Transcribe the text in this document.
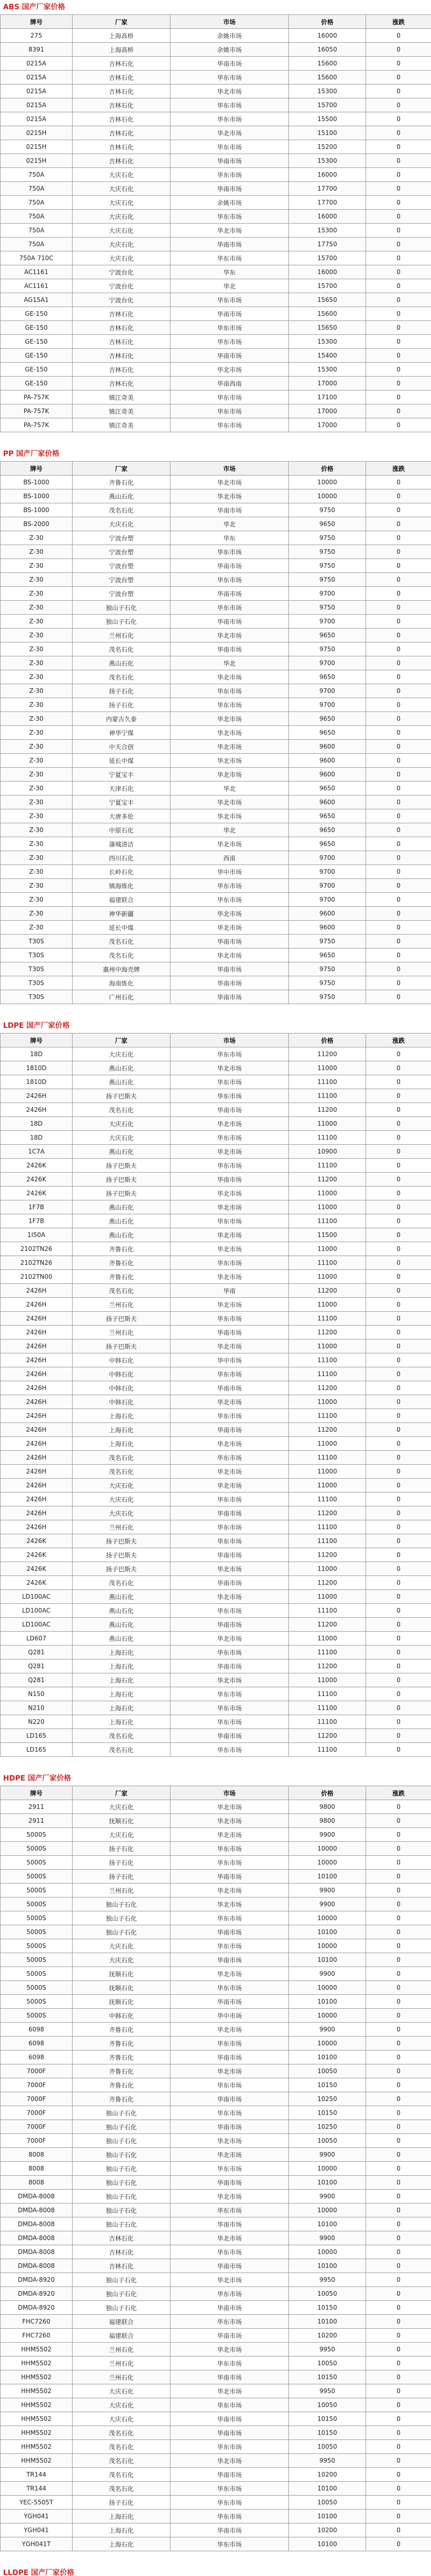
ABS 国产厂家价格
牌号	厂家	市场	价格	涨跌
275	上海高桥	余姚市场	16000	0
8391	上海高桥	余姚市场	16050	0
0215A	吉林石化	华南市场	15600	0
0215A	吉林石化	华东市场	15600	0
0215A	吉林石化	华北市场	15300	0
0215A	吉林石化	华东市场	15700	0
0215A	吉林石化	华东市场	15500	0
0215H	吉林石化	华北市场	15100	0
0215H	吉林石化	华东市场	15200	0
0215H	吉林石化	华南市场	15300	0
750A	大庆石化	华东市场	16000	0
750A	大庆石化	华南市场	17700	0
750A	大庆石化	余姚市场	17700	0
750A	大庆石化	华东市场	16000	0
750A	大庆石化	华北市场	15300	0
750A	大庆石化	华南市场	17750	0
750A 710C	大庆石化	华东市场	15700	0
AC1161	宁波台化	华东	16000	0
AC1161	宁波台化	华北	15700	0
AG15A1	宁波台化	华东市场	15650	0
GE-150	吉林石化	华南市场	15600	0
GE-150	吉林石化	华东市场	15650	0
GE-150	吉林石化	华东市场	15300	0
GE-150	吉林石化	华南市场	15400	0
GE-150	吉林石化	华北市场	15300	0
GE-150	吉林石化	华南西南	17000	0
PA-757K	镇江奇美	华东市场	17100	0
PA-757K	镇江奇美	华东市场	17000	0
PA-757K	镇江奇美	华东市场	17000	0
PP 国产厂家价格
牌号	厂家	市场	价格	涨跌
BS-1000	齐鲁石化	华北市场	10000	0
BS-1000	燕山石化	华北市场	10000	0
BS-1000	茂名石化	华南市场	9750	0
BS-2000	大庆石化	华北	9650	0
Z-30	宁波台塑	华东	9750	0
Z-30	宁波台塑	华东市场	9750	0
Z-30	宁波台塑	华南市场	9750	0
Z-30	宁波台塑	华东市场	9750	0
Z-30	宁波台塑	华南市场	9700	0
Z-30	独山子石化	华东市场	9750	0
Z-30	独山子石化	华南市场	9700	0
Z-30	兰州石化	华北市场	9650	0
Z-30	茂名石化	华南市场	9750	0
Z-30	燕山石化	华北	9700	0
Z-30	茂名石化	华北市场	9650	0
Z-30	扬子石化	华东市场	9700	0
Z-30	扬子石化	华东市场	9700	0
Z-30	内蒙古久泰	华北市场	9650	0
Z-30	神华宁煤	华北市场	9650	0
Z-30	中天合创	华北市场	9600	0
Z-30	延长中煤	华北市场	9600	0
Z-30	宁夏宝丰	华北市场	9600	0
Z-30	天津石化	华北	9650	0
Z-30	宁夏宝丰	华北市场	9600	0
Z-30	大唐多伦	华北市场	9650	0
Z-30	中原石化	华北	9650	0
Z-30	蒲城清洁	华北市场	9650	0
Z-30	四川石化	西南	9700	0
Z-30	长岭石化	华中市场	9700	0
Z-30	镇海炼化	华东市场	9700	0
Z-30	福建联合	华东市场	9700	0
Z-30	神华新疆	华北市场	9600	0
Z-30	延长中煤	华北市场	9600	0
T30S	茂名石化	华南市场	9750	0
T30S	茂名石化	华北市场	9650	0
T30S	惠州中海壳牌	华南市场	9750	0
T30S	海南炼化	华南市场	9750	0
T30S	广州石化	华南市场	9750	0
LDPE 国产厂家价格
牌号	厂家	市场	价格	涨跌
18D	大庆石化	华东市场	11200	0
1810D	燕山石化	华北市场	11000	0
1810D	燕山石化	华东市场	11100	0
2426H	扬子巴斯夫	华东市场	11100	0
2426H	茂名石化	华南市场	11200	0
18D	大庆石化	华北市场	11000	0
18D	大庆石化	华东市场	11100	0
1C7A	燕山石化	华北市场	10900	0
2426K	扬子巴斯夫	华东市场	11100	0
2426K	扬子巴斯夫	华南市场	11200	0
2426K	扬子巴斯夫	华北市场	11000	0
1F7B	燕山石化	华北市场	11000	0
1F7B	燕山石化	华东市场	11100	0
1I50A	燕山石化	华北市场	11500	0
2102TN26	齐鲁石化	华北市场	11000	0
2102TN26	齐鲁石化	华东市场	11100	0
2102TN00	齐鲁石化	华北市场	11000	0
2426H	茂名石化	华南	11200	0
2426H	兰州石化	华北市场	11000	0
2426H	扬子巴斯夫	华东市场	11100	0
2426H	兰州石化	华南市场	11200	0
2426H	扬子巴斯夫	华北市场	11000	0
2426H	中韩石化	华中市场	11100	0
2426H	中韩石化	华东市场	11100	0
2426H	中韩石化	华南市场	11200	0
2426H	中韩石化	华北市场	11000	0
2426H	上海石化	华东市场	11100	0
2426H	上海石化	华南市场	11200	0
2426H	上海石化	华北市场	11000	0
2426H	茂名石化	华东市场	11100	0
2426H	茂名石化	华北市场	11000	0
2426H	大庆石化	华北市场	11000	0
2426H	大庆石化	华东市场	11100	0
2426H	大庆石化	华南市场	11200	0
2426H	兰州石化	华东市场	11100	0
2426K	扬子巴斯夫	华东市场	11100	0
2426K	扬子巴斯夫	华南市场	11200	0
2426K	扬子巴斯夫	华北市场	11000	0
2426K	茂名石化	华南市场	11200	0
LD100AC	燕山石化	华北市场	11000	0
LD100AC	燕山石化	华东市场	11100	0
LD100AC	燕山石化	华南市场	11200	0
LD607	燕山石化	华北市场	11000	0
Q281	上海石化	华东市场	11100	0
Q281	上海石化	华南市场	11200	0
Q281	上海石化	华北市场	11000	0
N150	上海石化	华东市场	11100	0
N210	上海石化	华东市场	11100	0
N220	上海石化	华东市场	11100	0
LD165	茂名石化	华南市场	11200	0
LD165	茂名石化	华东市场	11100	0
HDPE 国产厂家价格
牌号	厂家	市场	价格	涨跌
2911	大庆石化	华北市场	9800	0
2911	抚顺石化	华北市场	9800	0
5000S	大庆石化	华北市场	9900	0
5000S	扬子石化	华东市场	10000	0
5000S	扬子石化	华东市场	10000	0
5000S	扬子石化	华南市场	10100	0
5000S	兰州石化	华北市场	9900	0
5000S	独山子石化	华北市场	9900	0
5000S	独山子石化	华东市场	10000	0
5000S	独山子石化	华南市场	10100	0
5000S	大庆石化	华东市场	10000	0
5000S	大庆石化	华南市场	10100	0
5000S	抚顺石化	华北市场	9900	0
5000S	抚顺石化	华东市场	10000	0
5000S	抚顺石化	华南市场	10100	0
5000S	中韩石化	华中市场	10000	0
6098	齐鲁石化	华北市场	9900	0
6098	齐鲁石化	华东市场	10000	0
6098	齐鲁石化	华南市场	10100	0
7000F	齐鲁石化	华北市场	10050	0
7000F	齐鲁石化	华东市场	10150	0
7000F	齐鲁石化	华南市场	10250	0
7000F	独山子石化	华东市场	10150	0
7000F	独山子石化	华南市场	10250	0
7000F	独山子石化	华北市场	10050	0
8008	独山子石化	华北市场	9900	0
8008	独山子石化	华东市场	10000	0
8008	独山子石化	华南市场	10100	0
DMDA-8008	独山子石化	华北市场	9900	0
DMDA-8008	独山子石化	华东市场	10000	0
DMDA-8008	独山子石化	华南市场	10100	0
DMDA-8008	吉林石化	华北市场	9900	0
DMDA-8008	吉林石化	华东市场	10000	0
DMDA-8008	吉林石化	华南市场	10100	0
DMDA-8920	独山子石化	华北市场	9950	0
DMDA-8920	独山子石化	华东市场	10050	0
DMDA-8920	独山子石化	华南市场	10150	0
FHC7260	福建联合	华东市场	10100	0
FHC7260	福建联合	华南市场	10200	0
HHM5502	兰州石化	华北市场	9950	0
HHM5502	兰州石化	华东市场	10050	0
HHM5502	兰州石化	华南市场	10150	0
HHM5502	大庆石化	华北市场	9950	0
HHM5502	大庆石化	华东市场	10050	0
HHM5502	大庆石化	华南市场	10150	0
HHM5502	茂名石化	华南市场	10150	0
HHM5502	茂名石化	华东市场	10050	0
HHM5502	茂名石化	华北市场	9950	0
TR144	茂名石化	华南市场	10200	0
TR144	茂名石化	华东市场	10100	0
YEC-5505T	扬子石化	华东市场	10050	0
YGH041	上海石化	华东市场	10100	0
YGH041	上海石化	华南市场	10200	0
YGH041T	上海石化	华东市场	10100	0
LLDPE 国产厂家价格
